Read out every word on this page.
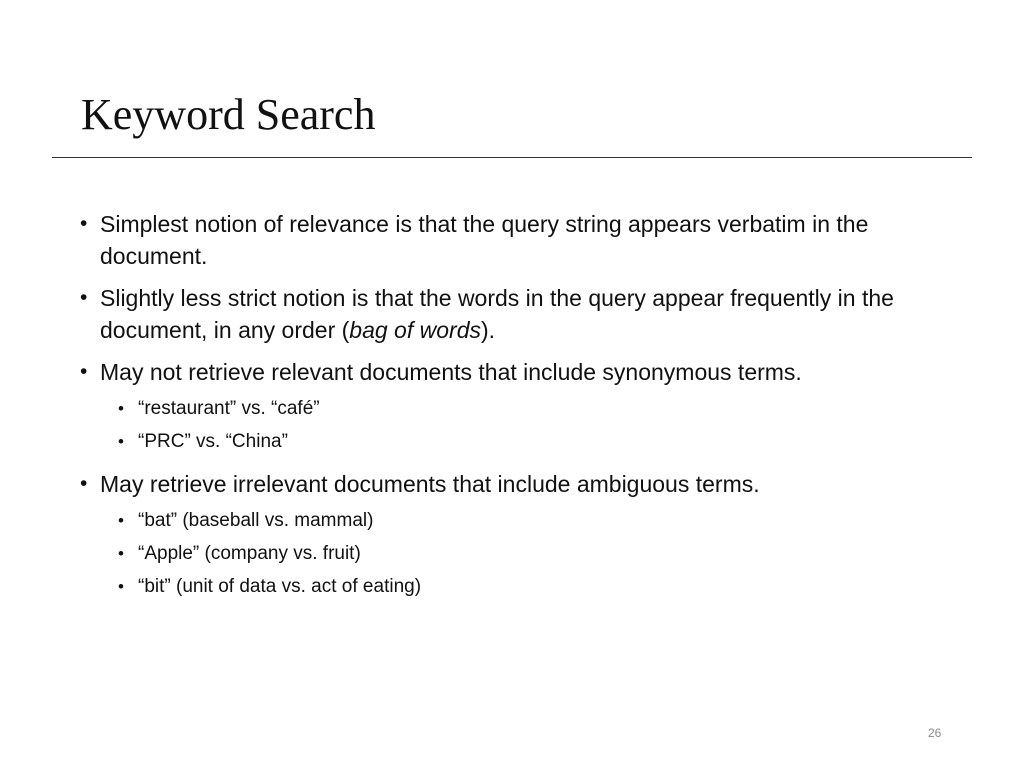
Keyword Search
• Simplest notion of relevance is that the query string appears verbatim in the document.
• Slightly less strict notion is that the words in the query appear frequently in the document, in any order (bag of words).
• May not retrieve relevant documents that include synonymous terms.
• “restaurant” vs. “café”
• “PRC” vs. “China”
• May retrieve irrelevant documents that include ambiguous terms.
• “bat” (baseball vs. mammal)
• “Apple” (company vs. fruit)
• “bit” (unit of data vs. act of eating)
26
